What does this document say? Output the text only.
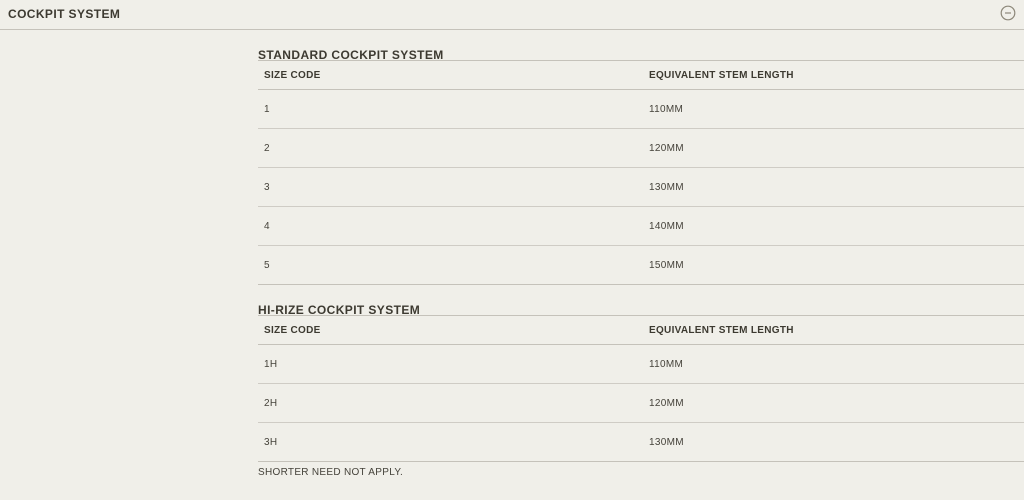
COCKPIT SYSTEM
STANDARD COCKPIT SYSTEM
SIZE CODE	EQUIVALENT STEM LENGTH
1	110MM
2	120MM
3	130MM
4	140MM
5	150MM
HI-RIZE COCKPIT SYSTEM
SIZE CODE	EQUIVALENT STEM LENGTH
1H	110MM
2H	120MM
3H	130MM
SHORTER NEED NOT APPLY.
